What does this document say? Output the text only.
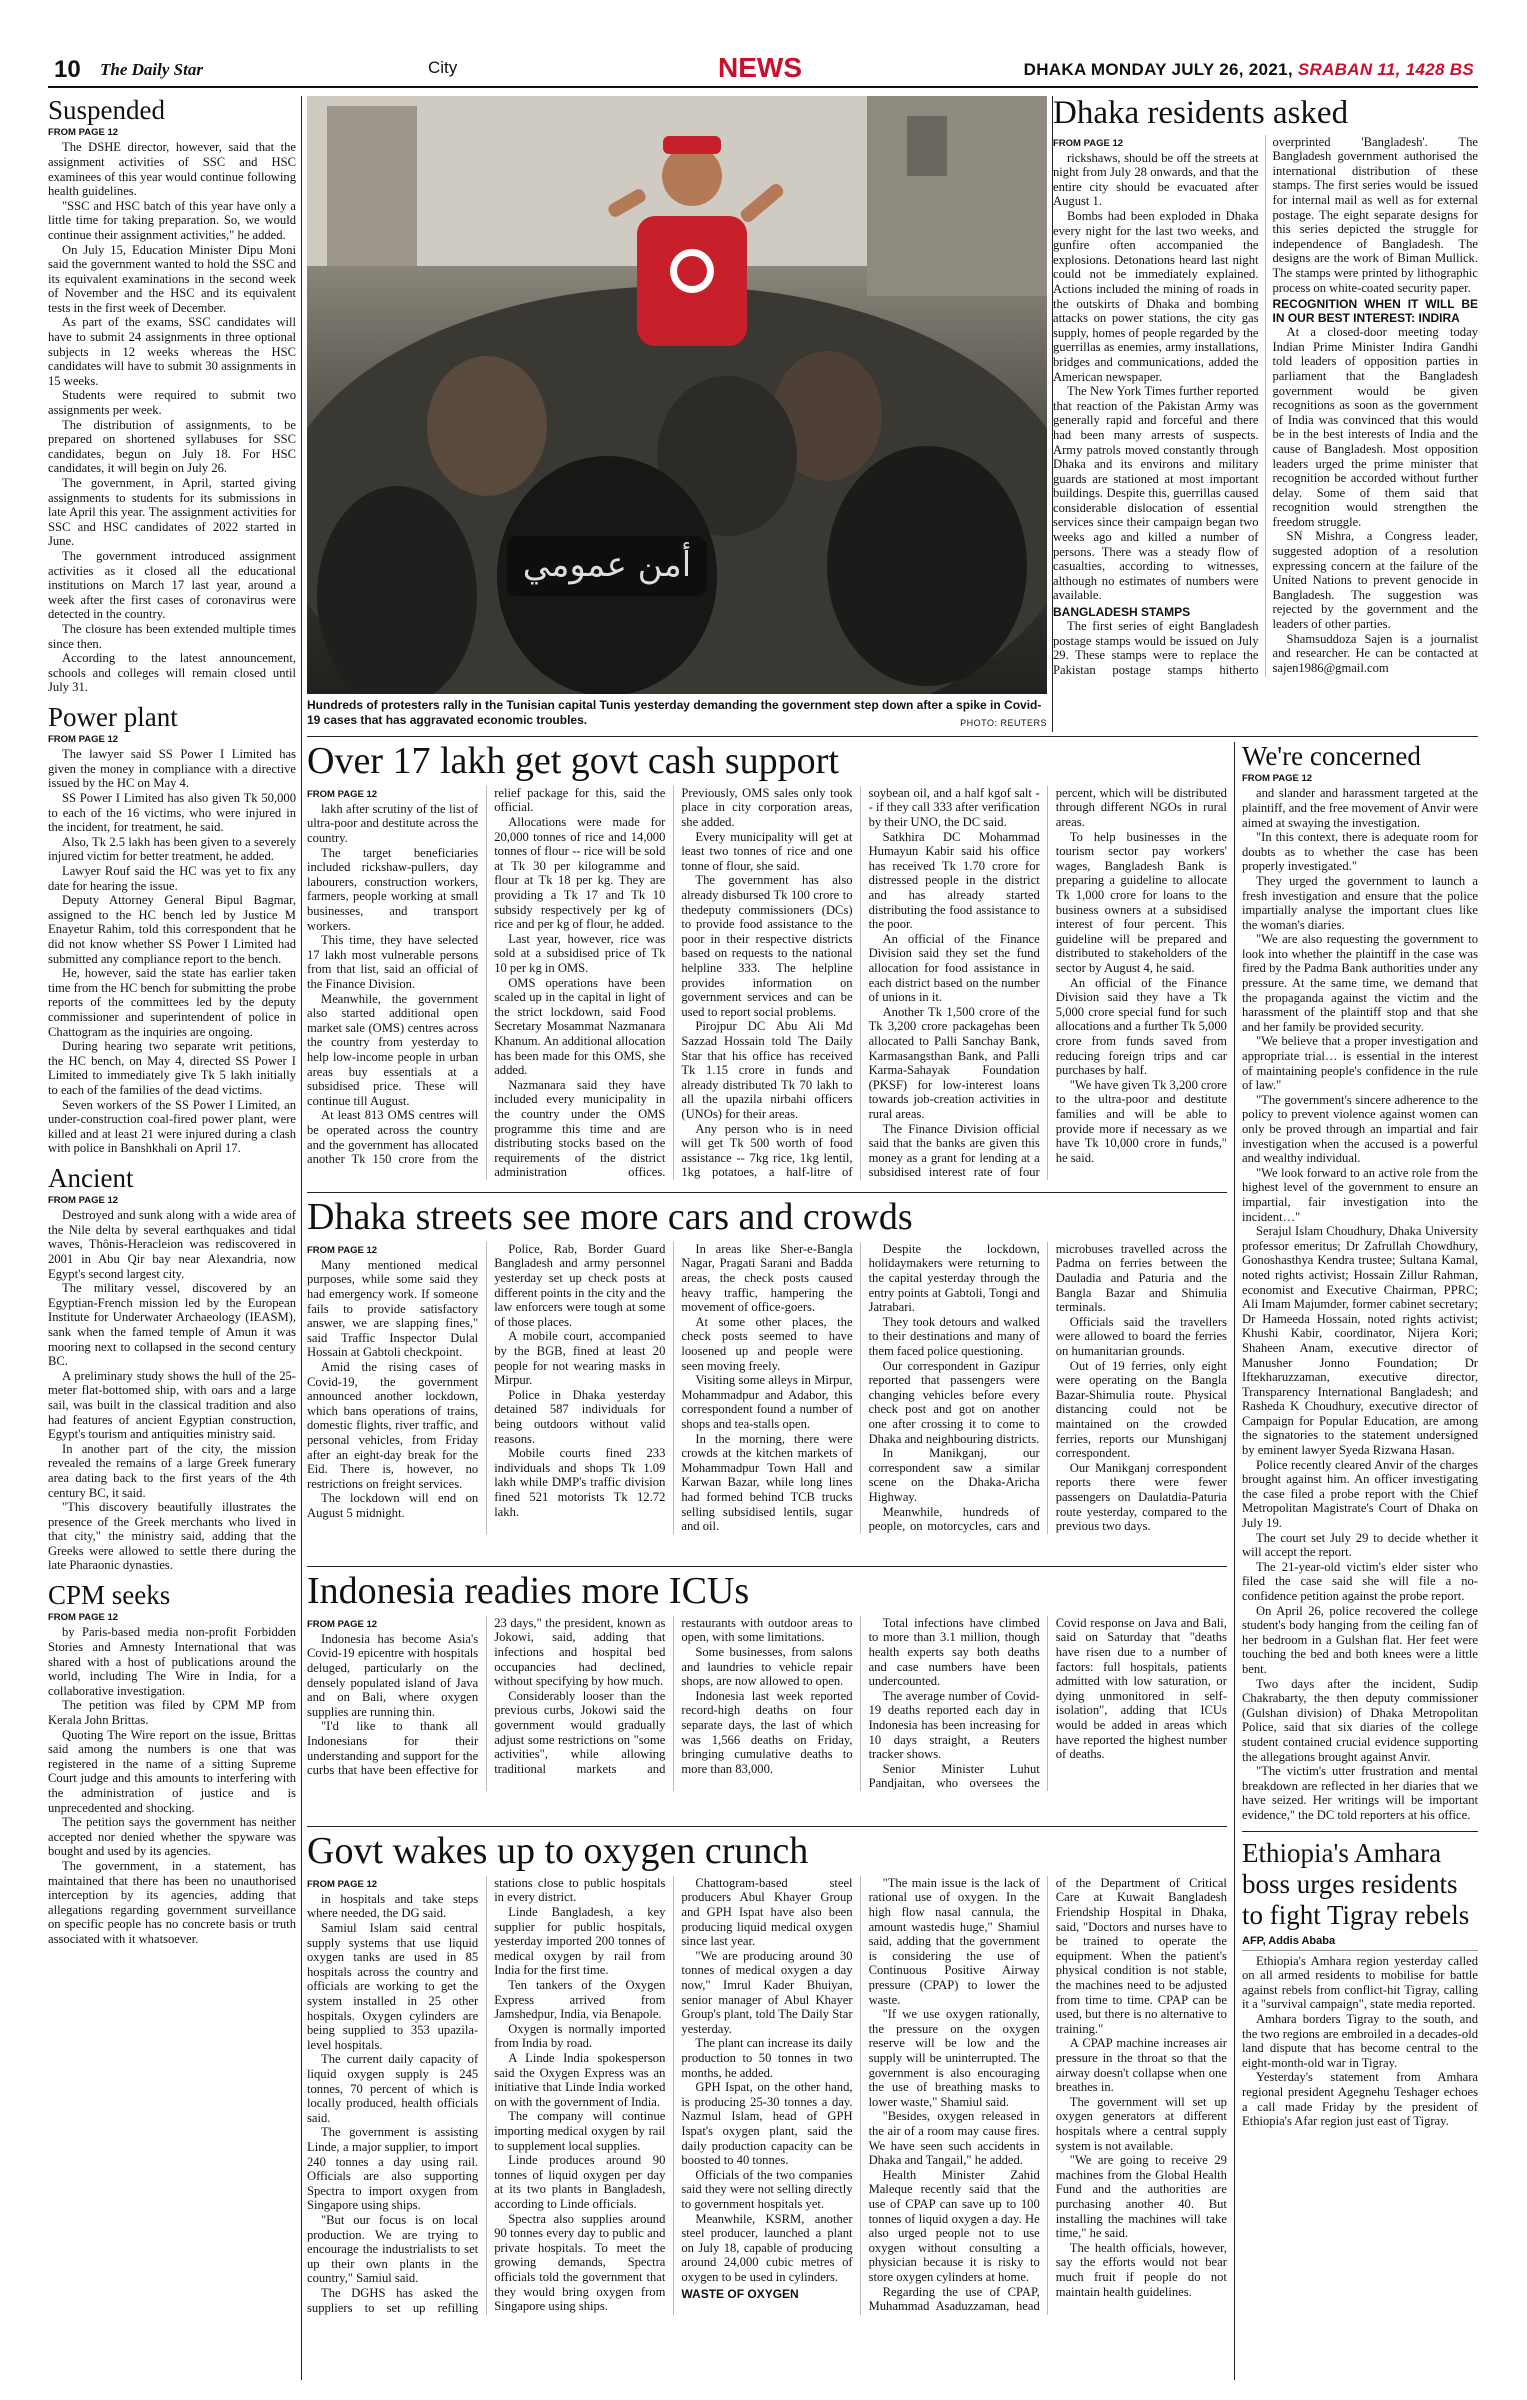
10 The Daily Star	City	NEWS	DHAKA MONDAY JULY 26, 2021, SRABAN 11, 1428 BS
Suspended
FROM PAGE 12

The DSHE director, however, said that the assignment activities of SSC and HSC examinees of this year would continue following health guidelines.

"SSC and HSC batch of this year have only a little time for taking preparation. So, we would continue their assignment activities," he added.

On July 15, Education Minister Dipu Moni said the government wanted to hold the SSC and its equivalent examinations in the second week of November and the HSC and its equivalent tests in the first week of December.

As part of the exams, SSC candidates will have to submit 24 assignments in three optional subjects in 12 weeks whereas the HSC candidates will have to submit 30 assignments in 15 weeks.

Students were required to submit two assignments per week.

The distribution of assignments, to be prepared on shortened syllabuses for SSC candidates, begun on July 18. For HSC candidates, it will begin on July 26.

The government, in April, started giving assignments to students for its submissions in late April this year. The assignment activities for SSC and HSC candidates of 2022 started in June.

The government introduced assignment activities as it closed all the educational institutions on March 17 last year, around a week after the first cases of coronavirus were detected in the country.

The closure has been extended multiple times since then.

According to the latest announcement, schools and colleges will remain closed until July 31.

Power plant
FROM PAGE 12

The lawyer said SS Power I Limited has given the money in compliance with a directive issued by the HC on May 4.

SS Power I Limited has also given Tk 50,000 to each of the 16 victims, who were injured in the incident, for treatment, he said.

Also, Tk 2.5 lakh has been given to a severely injured victim for better treatment, he added.

Lawyer Rouf said the HC was yet to fix any date for hearing the issue.

Deputy Attorney General Bipul Bagmar, assigned to the HC bench led by Justice M Enayetur Rahim, told this correspondent that he did not know whether SS Power I Limited had submitted any compliance report to the bench.

He, however, said the state has earlier taken time from the HC bench for submitting the probe reports of the committees led by the deputy commissioner and superintendent of police in Chattogram as the inquiries are ongoing.

During hearing two separate writ petitions, the HC bench, on May 4, directed SS Power I Limited to immediately give Tk 5 lakh initially to each of the families of the dead victims.

Seven workers of the SS Power I Limited, an under-construction coal-fired power plant, were killed and at least 21 were injured during a clash with police in Banshkhali on April 17.

Ancient
FROM PAGE 12

Destroyed and sunk along with a wide area of the Nile delta by several earthquakes and tidal waves, Thônis-Heracleion was rediscovered in 2001 in Abu Qir bay near Alexandria, now Egypt's second largest city.

The military vessel, discovered by an Egyptian-French mission led by the European Institute for Underwater Archaeology (IEASM), sank when the famed temple of Amun it was mooring next to collapsed in the second century BC.

A preliminary study shows the hull of the 25-meter flat-bottomed ship, with oars and a large sail, was built in the classical tradition and also had features of ancient Egyptian construction, Egypt's tourism and antiquities ministry said.

In another part of the city, the mission revealed the remains of a large Greek funerary area dating back to the first years of the 4th century BC, it said.

"This discovery beautifully illustrates the presence of the Greek merchants who lived in that city," the ministry said, adding that the Greeks were allowed to settle there during the late Pharaonic dynasties.

CPM seeks
FROM PAGE 12

by Paris-based media non-profit Forbidden Stories and Amnesty International that was shared with a host of publications around the world, including The Wire in India, for a collaborative investigation.

The petition was filed by CPM MP from Kerala John Brittas.

Quoting The Wire report on the issue, Brittas said among the numbers is one that was registered in the name of a sitting Supreme Court judge and this amounts to interfering with the administration of justice and is unprecedented and shocking.

The petition says the government has neither accepted nor denied whether the spyware was bought and used by its agencies.

The government, in a statement, has maintained that there has been no unauthorised interception by its agencies, adding that allegations regarding government surveillance on specific people has no concrete basis or truth associated with it whatsoever.

أمن عمومي
Hundreds of protesters rally in the Tunisian capital Tunis yesterday demanding the government step down after a spike in Covid-19 cases that has aggravated economic troubles.	PHOTO: REUTERS
Dhaka residents asked
FROM PAGE 12

rickshaws, should be off the streets at night from July 28 onwards, and that the entire city should be evacuated after August 1.

Bombs had been exploded in Dhaka every night for the last two weeks, and gunfire often accompanied the explosions. Detonations heard last night could not be immediately explained. Actions included the mining of roads in the outskirts of Dhaka and bombing attacks on power stations, the city gas supply, homes of people regarded by the guerrillas as enemies, army installations, bridges and communications, added the American newspaper.

The New York Times further reported that reaction of the Pakistan Army was generally rapid and forceful and there had been many arrests of suspects. Army patrols moved constantly through Dhaka and its environs and military guards are stationed at most important buildings. Despite this, guerrillas caused considerable dislocation of essential services since their campaign began two weeks ago and killed a number of persons. There was a steady flow of casualties, according to witnesses, although no estimates of numbers were available.

BANGLADESH STAMPS

The first series of eight Bangladesh postage stamps would be issued on July 29. These stamps were to replace the Pakistan postage stamps hitherto overprinted 'Bangladesh'. The Bangladesh government authorised the international distribution of these stamps. The first series would be issued for internal mail as well as for external postage. The eight separate designs for this series depicted the struggle for independence of Bangladesh. The designs are the work of Biman Mullick. The stamps were printed by lithographic process on white-coated security paper.

RECOGNITION WHEN IT WILL BE IN OUR BEST INTEREST: INDIRA

At a closed-door meeting today Indian Prime Minister Indira Gandhi told leaders of opposition parties in parliament that the Bangladesh government would be given recognitions as soon as the government of India was convinced that this would be in the best interests of India and the cause of Bangladesh. Most opposition leaders urged the prime minister that recognition be accorded without further delay. Some of them said that recognition would strengthen the freedom struggle.

SN Mishra, a Congress leader, suggested adoption of a resolution expressing concern at the failure of the United Nations to prevent genocide in Bangladesh. The suggestion was rejected by the government and the leaders of other parties.

Shamsuddoza Sajen is a journalist and researcher. He can be contacted at sajen1986@gmail.com

Over 17 lakh get govt cash support
FROM PAGE 12

lakh after scrutiny of the list of ultra-poor and destitute across the country.

The target beneficiaries included rickshaw-pullers, day labourers, construction workers, farmers, people working at small businesses, and transport workers.

This time, they have selected 17 lakh most vulnerable persons from that list, said an official of the Finance Division.

Meanwhile, the government also started additional open market sale (OMS) centres across the country from yesterday to help low-income people in urban areas buy essentials at a subsidised price. These will continue till August.

At least 813 OMS centres will be operated across the country and the government has allocated another Tk 150 crore from the relief package for this, said the official.

Allocations were made for 20,000 tonnes of rice and 14,000 tonnes of flour -- rice will be sold at Tk 30 per kilogramme and flour at Tk 18 per kg. They are providing a Tk 17 and Tk 10 subsidy respectively per kg of rice and per kg of flour, he added.

Last year, however, rice was sold at a subsidised price of Tk 10 per kg in OMS.

OMS operations have been scaled up in the capital in light of the strict lockdown, said Food Secretary Mosammat Nazmanara Khanum. An additional allocation has been made for this OMS, she added.

Nazmanara said they have included every municipality in the country under the OMS programme this time and are distributing stocks based on the requirements of the district administration offices. Previously, OMS sales only took place in city corporation areas, she added.

Every municipality will get at least two tonnes of rice and one tonne of flour, she said.

The government has also already disbursed Tk 100 crore to thedeputy commissioners (DCs) to provide food assistance to the poor in their respective districts based on requests to the national helpline 333. The helpline provides information on government services and can be used to report social problems.

Pirojpur DC Abu Ali Md Sazzad Hossain told The Daily Star that his office has received Tk 1.15 crore in funds and already distributed Tk 70 lakh to all the upazila nirbahi officers (UNOs) for their areas.

Any person who is in need will get Tk 500 worth of food assistance -- 7kg rice, 1kg lentil, 1kg potatoes, a half-litre of soybean oil, and a half kgof salt -- if they call 333 after verification by their UNO, the DC said.

Satkhira DC Mohammad Humayun Kabir said his office has received Tk 1.70 crore for distressed people in the district and has already started distributing the food assistance to the poor.

An official of the Finance Division said they set the fund allocation for food assistance in each district based on the number of unions in it.

Another Tk 1,500 crore of the Tk 3,200 crore packagehas been allocated to Palli Sanchay Bank, Karmasangsthan Bank, and Palli Karma-Sahayak Foundation (PKSF) for low-interest loans towards job-creation activities in rural areas.

The Finance Division official said that the banks are given this money as a grant for lending at a subsidised interest rate of four percent, which will be distributed through different NGOs in rural areas.

To help businesses in the tourism sector pay workers' wages, Bangladesh Bank is preparing a guideline to allocate Tk 1,000 crore for loans to the business owners at a subsidised interest of four percent. This guideline will be prepared and distributed to stakeholders of the sector by August 4, he said.

An official of the Finance Division said they have a Tk 5,000 crore special fund for such allocations and a further Tk 5,000 crore from funds saved from reducing foreign trips and car purchases by half.

"We have given Tk 3,200 crore to the ultra-poor and destitute families and will be able to provide more if necessary as we have Tk 10,000 crore in funds," he said.

Dhaka streets see more cars and crowds
FROM PAGE 12

Many mentioned medical purposes, while some said they had emergency work. If someone fails to provide satisfactory answer, we are slapping fines," said Traffic Inspector Dulal Hossain at Gabtoli checkpoint.

Amid the rising cases of Covid-19, the government announced another lockdown, which bans operations of trains, domestic flights, river traffic, and personal vehicles, from Friday after an eight-day break for the Eid. There is, however, no restrictions on freight services.

The lockdown will end on August 5 midnight.

Police, Rab, Border Guard Bangladesh and army personnel yesterday set up check posts at different points in the city and the law enforcers were tough at some of those places.

A mobile court, accompanied by the BGB, fined at least 20 people for not wearing masks in Mirpur.

Police in Dhaka yesterday detained 587 individuals for being outdoors without valid reasons.

Mobile courts fined 233 individuals and shops Tk 1.09 lakh while DMP's traffic division fined 521 motorists Tk 12.72 lakh.

In areas like Sher-e-Bangla Nagar, Pragati Sarani and Badda areas, the check posts caused heavy traffic, hampering the movement of office-goers.

At some other places, the check posts seemed to have loosened up and people were seen moving freely.

Visiting some alleys in Mirpur, Mohammadpur and Adabor, this correspondent found a number of shops and tea-stalls open.

In the morning, there were crowds at the kitchen markets of Mohammadpur Town Hall and Karwan Bazar, while long lines had formed behind TCB trucks selling subsidised lentils, sugar and oil.

Despite the lockdown, holidaymakers were returning to the capital yesterday through the entry points at Gabtoli, Tongi and Jatrabari.

They took detours and walked to their destinations and many of them faced police questioning.

Our correspondent in Gazipur reported that passengers were changing vehicles before every check post and got on another one after crossing it to come to Dhaka and neighbouring districts.

In Manikganj, our correspondent saw a similar scene on the Dhaka-Aricha Highway.

Meanwhile, hundreds of people, on motorcycles, cars and microbuses travelled across the Padma on ferries between the Dauladia and Paturia and the Bangla Bazar and Shimulia terminals.

Officials said the travellers were allowed to board the ferries on humanitarian grounds.

Out of 19 ferries, only eight were operating on the Bangla Bazar-Shimulia route. Physical distancing could not be maintained on the crowded ferries, reports our Munshiganj correspondent.

Our Manikganj correspondent reports there were fewer passengers on Daulatdia-Paturia route yesterday, compared to the previous two days.

Indonesia readies more ICUs
FROM PAGE 12

Indonesia has become Asia's Covid-19 epicentre with hospitals deluged, particularly on the densely populated island of Java and on Bali, where oxygen supplies are running thin.

"I'd like to thank all Indonesians for their understanding and support for the curbs that have been effective for 23 days," the president, known as Jokowi, said, adding that infections and hospital bed occupancies had declined, without specifying by how much.

Considerably looser than the previous curbs, Jokowi said the government would gradually adjust some restrictions on "some activities", while allowing traditional markets and restaurants with outdoor areas to open, with some limitations.

Some businesses, from salons and laundries to vehicle repair shops, are now allowed to open.

Indonesia last week reported record-high deaths on four separate days, the last of which was 1,566 deaths on Friday, bringing cumulative deaths to more than 83,000.

Total infections have climbed to more than 3.1 million, though health experts say both deaths and case numbers have been undercounted.

The average number of Covid-19 deaths reported each day in Indonesia has been increasing for 10 days straight, a Reuters tracker shows.

Senior Minister Luhut Pandjaitan, who oversees the Covid response on Java and Bali, said on Saturday that "deaths have risen due to a number of factors: full hospitals, patients admitted with low saturation, or dying unmonitored in self-isolation", adding that ICUs would be added in areas which have reported the highest number of deaths.

Govt wakes up to oxygen crunch
FROM PAGE 12

in hospitals and take steps where needed, the DG said.

Samiul Islam said central supply systems that use liquid oxygen tanks are used in 85 hospitals across the country and officials are working to get the system installed in 25 other hospitals. Oxygen cylinders are being supplied to 353 upazila-level hospitals.

The current daily capacity of liquid oxygen supply is 245 tonnes, 70 percent of which is locally produced, health officials said.

The government is assisting Linde, a major supplier, to import 240 tonnes a day using rail. Officials are also supporting Spectra to import oxygen from Singapore using ships.

"But our focus is on local production. We are trying to encourage the industrialists to set up their own plants in the country," Samiul said.

The DGHS has asked the suppliers to set up refilling stations close to public hospitals in every district.

Linde Bangladesh, a key supplier for public hospitals, yesterday imported 200 tonnes of medical oxygen by rail from India for the first time.

Ten tankers of the Oxygen Express arrived from Jamshedpur, India, via Benapole.

Oxygen is normally imported from India by road.

A Linde India spokesperson said the Oxygen Express was an initiative that Linde India worked on with the government of India.

The company will continue importing medical oxygen by rail to supplement local supplies.

Linde produces around 90 tonnes of liquid oxygen per day at its two plants in Bangladesh, according to Linde officials.

Spectra also supplies around 90 tonnes every day to public and private hospitals. To meet the growing demands, Spectra officials told the government that they would bring oxygen from Singapore using ships.

Chattogram-based steel producers Abul Khayer Group and GPH Ispat have also been producing liquid medical oxygen since last year.

"We are producing around 30 tonnes of medical oxygen a day now," Imrul Kader Bhuiyan, senior manager of Abul Khayer Group's plant, told The Daily Star yesterday.

The plant can increase its daily production to 50 tonnes in two months, he added.

GPH Ispat, on the other hand, is producing 25-30 tonnes a day. Nazmul Islam, head of GPH Ispat's oxygen plant, said the daily production capacity can be boosted to 40 tonnes.

Officials of the two companies said they were not selling directly to government hospitals yet.

Meanwhile, KSRM, another steel producer, launched a plant on July 18, capable of producing around 24,000 cubic metres of oxygen to be used in cylinders.

WASTE OF OXYGEN

"The main issue is the lack of rational use of oxygen. In the high flow nasal cannula, the amount wastedis huge," Shamiul said, adding that the government is considering the use of Continuous Positive Airway pressure (CPAP) to lower the waste.

"If we use oxygen rationally, the pressure on the oxygen reserve will be low and the supply will be uninterrupted. The government is also encouraging the use of breathing masks to lower waste," Shamiul said.

"Besides, oxygen released in the air of a room may cause fires. We have seen such accidents in Dhaka and Tangail," he added.

Health Minister Zahid Maleque recently said that the use of CPAP can save up to 100 tonnes of liquid oxygen a day. He also urged people not to use oxygen without consulting a physician because it is risky to store oxygen cylinders at home.

Regarding the use of CPAP, Muhammad Asaduzzaman, head of the Department of Critical Care at Kuwait Bangladesh Friendship Hospital in Dhaka, said, "Doctors and nurses have to be trained to operate the equipment. When the patient's physical condition is not stable, the machines need to be adjusted from time to time. CPAP can be used, but there is no alternative to training."

A CPAP machine increases air pressure in the throat so that the airway doesn't collapse when one breathes in.

The government will set up oxygen generators at different hospitals where a central supply system is not available.

"We are going to receive 29 machines from the Global Health Fund and the authorities are purchasing another 40. But installing the machines will take time," he said.

The health officials, however, say the efforts would not bear much fruit if people do not maintain health guidelines.

We're concerned
FROM PAGE 12

and slander and harassment targeted at the plaintiff, and the free movement of Anvir were aimed at swaying the investigation.

"In this context, there is adequate room for doubts as to whether the case has been properly investigated."

They urged the government to launch a fresh investigation and ensure that the police impartially analyse the important clues like the woman's diaries.

"We are also requesting the government to look into whether the plaintiff in the case was fired by the Padma Bank authorities under any pressure. At the same time, we demand that the propaganda against the victim and the harassment of the plaintiff stop and that she and her family be provided security.

"We believe that a proper investigation and appropriate trial… is essential in the interest of maintaining people's confidence in the rule of law."

"The government's sincere adherence to the policy to prevent violence against women can only be proved through an impartial and fair investigation when the accused is a powerful and wealthy individual.

"We look forward to an active role from the highest level of the government to ensure an impartial, fair investigation into the incident…"

Serajul Islam Choudhury, Dhaka University professor emeritus; Dr Zafrullah Chowdhury, Gonoshasthya Kendra trustee; Sultana Kamal, noted rights activist; Hossain Zillur Rahman, economist and Executive Chairman, PPRC; Ali Imam Majumder, former cabinet secretary; Dr Hameeda Hossain, noted rights activist; Khushi Kabir, coordinator, Nijera Kori; Shaheen Anam, executive director of Manusher Jonno Foundation; Dr Iftekharuzzaman, executive director, Transparency International Bangladesh; and Rasheda K Choudhury, executive director of Campaign for Popular Education, are among the signatories to the statement undersigned by eminent lawyer Syeda Rizwana Hasan.

Police recently cleared Anvir of the charges brought against him. An officer investigating the case filed a probe report with the Chief Metropolitan Magistrate's Court of Dhaka on July 19.

The court set July 29 to decide whether it will accept the report.

The 21-year-old victim's elder sister who filed the case said she will file a no-confidence petition against the probe report.

On April 26, police recovered the college student's body hanging from the ceiling fan of her bedroom in a Gulshan flat. Her feet were touching the bed and both knees were a little bent.

Two days after the incident, Sudip Chakrabarty, the then deputy commissioner (Gulshan division) of Dhaka Metropolitan Police, said that six diaries of the college student contained crucial evidence supporting the allegations brought against Anvir.

"The victim's utter frustration and mental breakdown are reflected in her diaries that we have seized. Her writings will be important evidence," the DC told reporters at his office.

Ethiopia's Amhara boss urges residents to fight Tigray rebels
AFP, Addis Ababa

Ethiopia's Amhara region yesterday called on all armed residents to mobilise for battle against rebels from conflict-hit Tigray, calling it a "survival campaign", state media reported.

Amhara borders Tigray to the south, and the two regions are embroiled in a decades-old land dispute that has become central to the eight-month-old war in Tigray.

Yesterday's statement from Amhara regional president Agegnehu Teshager echoes a call made Friday by the president of Ethiopia's Afar region just east of Tigray.
